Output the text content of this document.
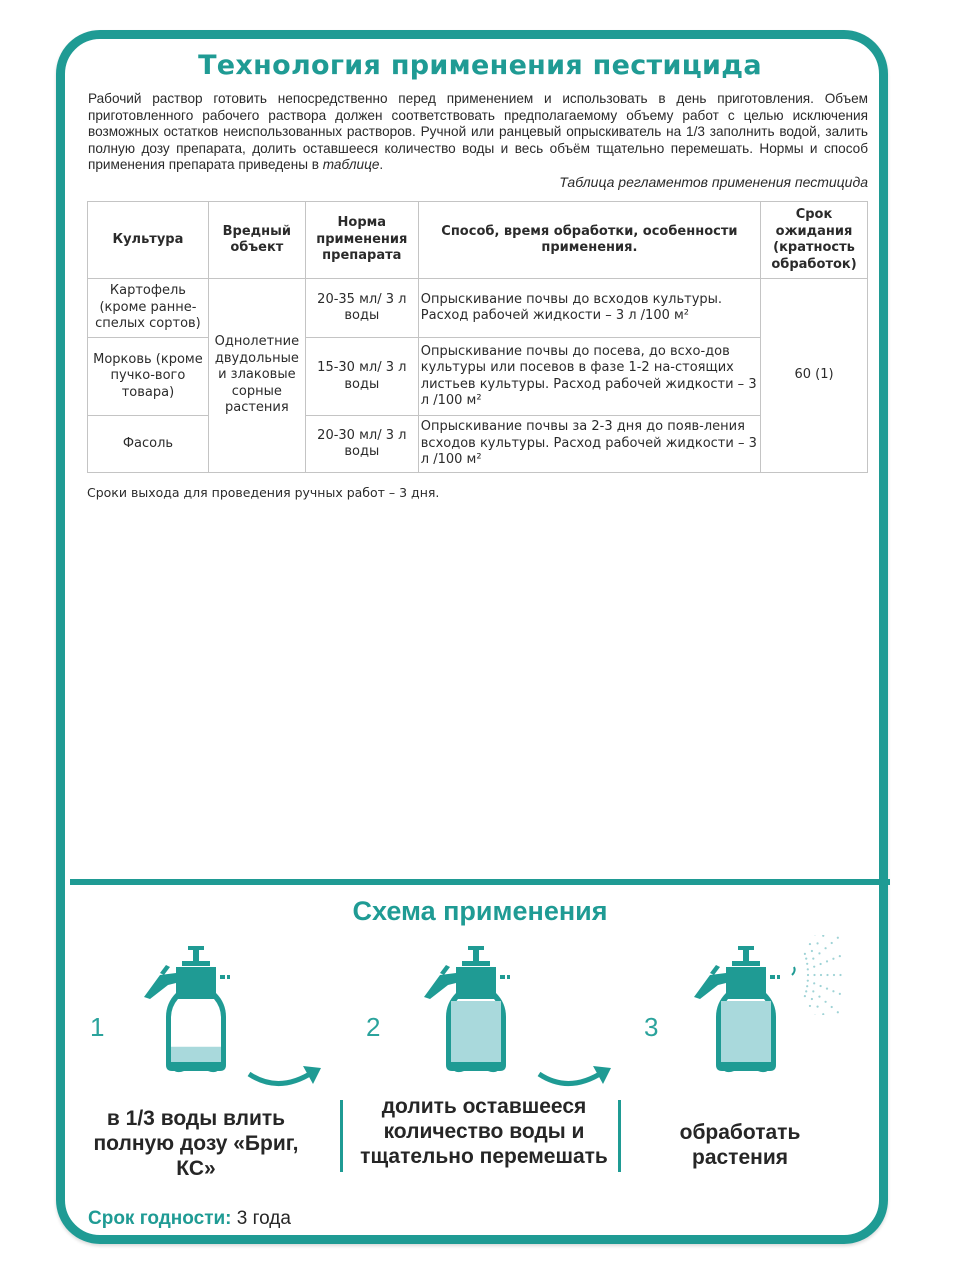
Технология применения пестицида

Рабочий раствор готовить непосредственно перед применением и использовать в день приготовления. Объем приготовленного рабочего раствора должен соответствовать предполагаемому объему работ с целью исключения возможных остатков неиспользованных растворов. Ручной или ранцевый опрыскиватель на 1/3 заполнить водой, залить полную дозу препарата, долить оставшееся количество воды и весь объём тщательно перемешать. Нормы и способ применения препарата приведены в таблице.

Таблица регламентов применения пестицида
Культура	Вредный объект	Норма применения препарата	Способ, время обработки, особенности применения.	Срок ожидания (кратность обработок)
Картофель (кроме ранне-спелых сортов)	Однолетние двудольные и злаковые сорные растения	20-35 мл/ 3 л воды	Опрыскивание почвы до всходов культуры. Расход рабочей жидкости – 3 л /100 м²	60 (1)
Морковь (кроме пучко-вого товара)		15-30 мл/ 3 л воды	Опрыскивание почвы до посева, до всхо-дов культуры или посевов в фазе 1-2 на-стоящих листьев культуры. Расход рабочей жидкости – 3 л /100 м²	
Фасоль		20-30 мл/ 3 л воды	Опрыскивание почвы за 2-3 дня до появ-ления всходов культуры. Расход рабочей жидкости – 3 л /100 м²	
Сроки выхода для проведения ручных работ – 3 дня.
Схема применения
1	2	3
в 1/3 воды влить полную дозу «Бриг, КС»
долить оставшееся количество воды и тщательно перемешать
обработать растения
Срок годности: 3 года
